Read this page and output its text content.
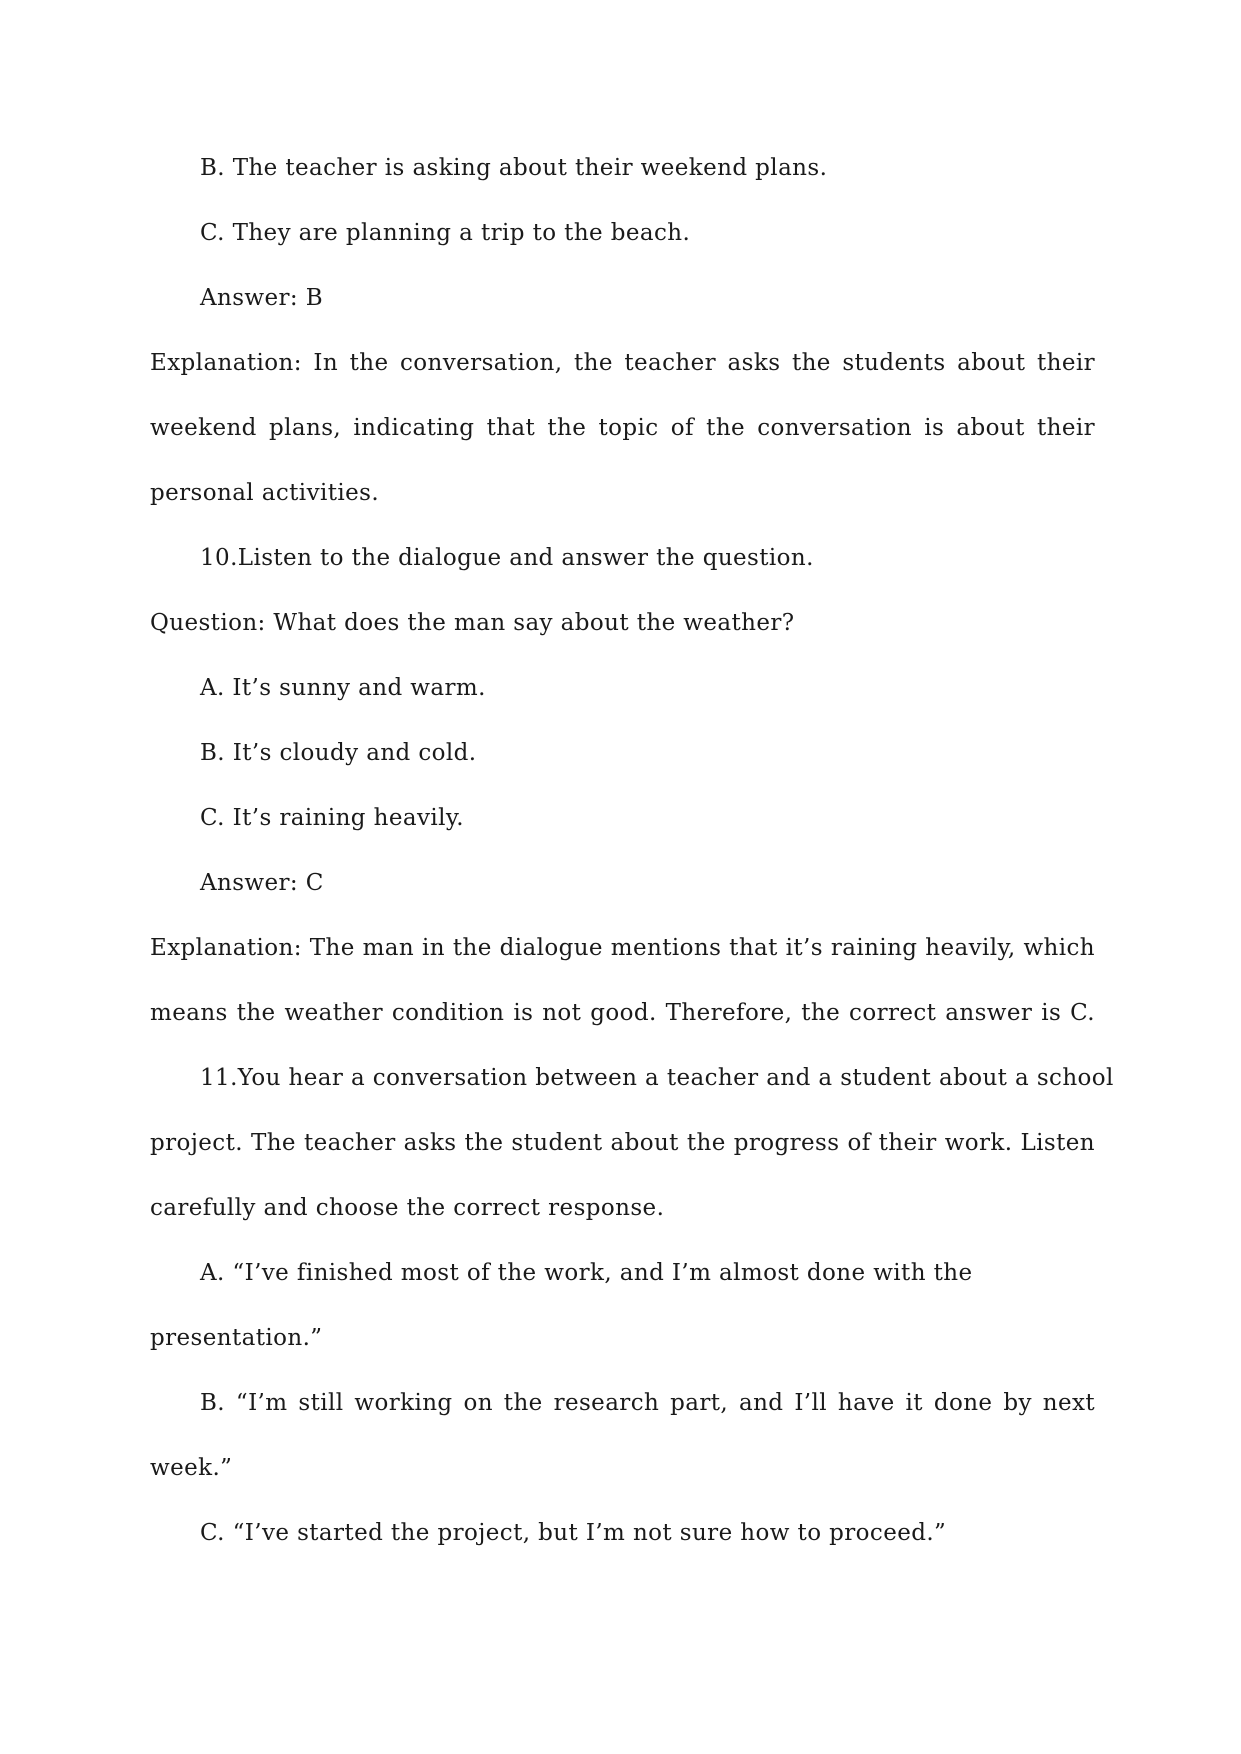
B. The teacher is asking about their weekend plans.

C. They are planning a trip to the beach.

Answer: B

Explanation: In the conversation, the teacher asks the students about their

weekend plans, indicating that the topic of the conversation is about their

personal activities.

10.Listen to the dialogue and answer the question.

Question: What does the man say about the weather?

A. It’s sunny and warm.

B. It’s cloudy and cold.

C. It’s raining heavily.

Answer: C

Explanation: The man in the dialogue mentions that it’s raining heavily, which

means the weather condition is not good. Therefore, the correct answer is C.

11.You hear a conversation between a teacher and a student about a school

project. The teacher asks the student about the progress of their work. Listen

carefully and choose the correct response.

A. “I’ve finished most of the work, and I’m almost done with the

presentation.”

B. “I’m still working on the research part, and I’ll have it done by next

week.”

C. “I’ve started the project, but I’m not sure how to proceed.”
